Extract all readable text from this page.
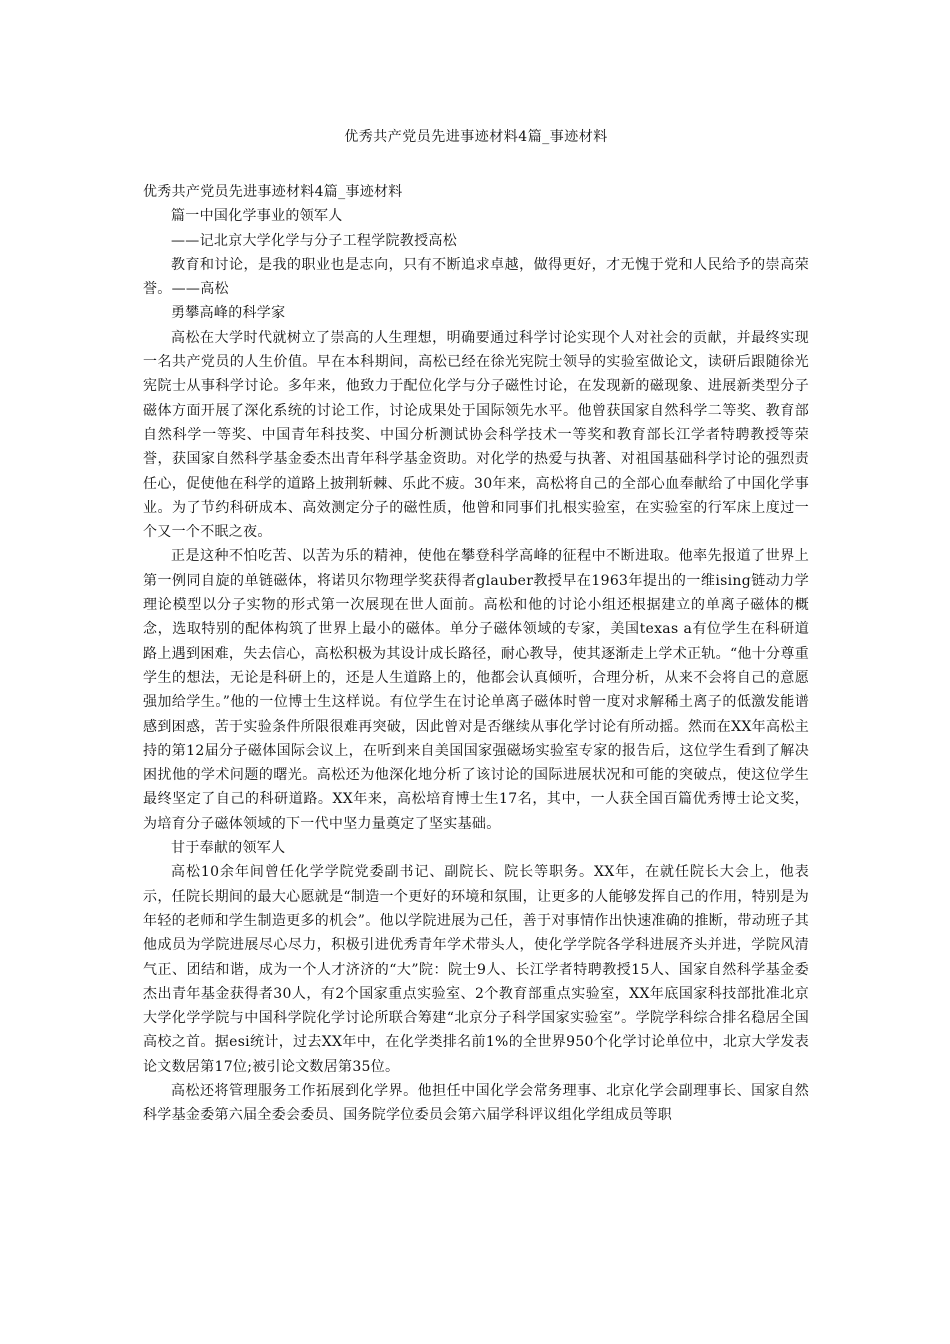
优秀共产党员先进事迹材料4篇_事迹材料

优秀共产党员先进事迹材料4篇_事迹材料

篇一中国化学事业的领军人

——记北京大学化学与分子工程学院教授高松

教育和讨论，是我的职业也是志向，只有不断追求卓越，做得更好，才无愧于党和人民给予的崇高荣誉。——高松

勇攀高峰的科学家

高松在大学时代就树立了崇高的人生理想，明确要通过科学讨论实现个人对社会的贡献，并最终实现一名共产党员的人生价值。早在本科期间，高松已经在徐光宪院士领导的实验室做论文，读研后跟随徐光宪院士从事科学讨论。多年来，他致力于配位化学与分子磁性讨论，在发现新的磁现象、进展新类型分子磁体方面开展了深化系统的讨论工作，讨论成果处于国际领先水平。他曾获国家自然科学二等奖、教育部自然科学一等奖、中国青年科技奖、中国分析测试协会科学技术一等奖和教育部长江学者特聘教授等荣誉，获国家自然科学基金委杰出青年科学基金资助。对化学的热爱与执著、对祖国基础科学讨论的强烈责任心，促使他在科学的道路上披荆斩棘、乐此不疲。30年来，高松将自己的全部心血奉献给了中国化学事业。为了节约科研成本、高效测定分子的磁性质，他曾和同事们扎根实验室，在实验室的行军床上度过一个又一个不眠之夜。

正是这种不怕吃苦、以苦为乐的精神，使他在攀登科学高峰的征程中不断进取。他率先报道了世界上第一例同自旋的单链磁体，将诺贝尔物理学奖获得者glauber教授早在1963年提出的一维ising链动力学理论模型以分子实物的形式第一次展现在世人面前。高松和他的讨论小组还根据建立的单离子磁体的概念，选取特别的配体构筑了世界上最小的磁体。单分子磁体领域的专家，美国texas a有位学生在科研道路上遇到困难，失去信心，高松积极为其设计成长路径，耐心教导，使其逐渐走上学术正轨。“他十分尊重学生的想法，无论是科研上的，还是人生道路上的，他都会认真倾听，合理分析，从来不会将自己的意愿强加给学生。”他的一位博士生这样说。有位学生在讨论单离子磁体时曾一度对求解稀土离子的低激发能谱感到困惑，苦于实验条件所限很难再突破，因此曾对是否继续从事化学讨论有所动摇。然而在XX年高松主持的第12届分子磁体国际会议上，在听到来自美国国家强磁场实验室专家的报告后，这位学生看到了解决困扰他的学术问题的曙光。高松还为他深化地分析了该讨论的国际进展状况和可能的突破点，使这位学生最终坚定了自己的科研道路。XX年来，高松培育博士生17名，其中，一人获全国百篇优秀博士论文奖，为培育分子磁体领域的下一代中坚力量奠定了坚实基础。

甘于奉献的领军人

高松10余年间曾任化学学院党委副书记、副院长、院长等职务。XX年，在就任院长大会上，他表示，任院长期间的最大心愿就是“制造一个更好的环境和氛围，让更多的人能够发挥自己的作用，特别是为年轻的老师和学生制造更多的机会”。他以学院进展为己任，善于对事情作出快速准确的推断，带动班子其他成员为学院进展尽心尽力，积极引进优秀青年学术带头人，使化学学院各学科进展齐头并进，学院风清气正、团结和谐，成为一个人才济济的“大”院：院士9人、长江学者特聘教授15人、国家自然科学基金委杰出青年基金获得者30人，有2个国家重点实验室、2个教育部重点实验室，XX年底国家科技部批准北京大学化学学院与中国科学院化学讨论所联合筹建“北京分子科学国家实验室”。学院学科综合排名稳居全国高校之首。据esi统计，过去XX年中，在化学类排名前1%的全世界950个化学讨论单位中，北京大学发表论文数居第17位;被引论文数居第35位。

高松还将管理服务工作拓展到化学界。他担任中国化学会常务理事、北京化学会副理事长、国家自然科学基金委第六届全委会委员、国务院学位委员会第六届学科评议组化学组成员等职
